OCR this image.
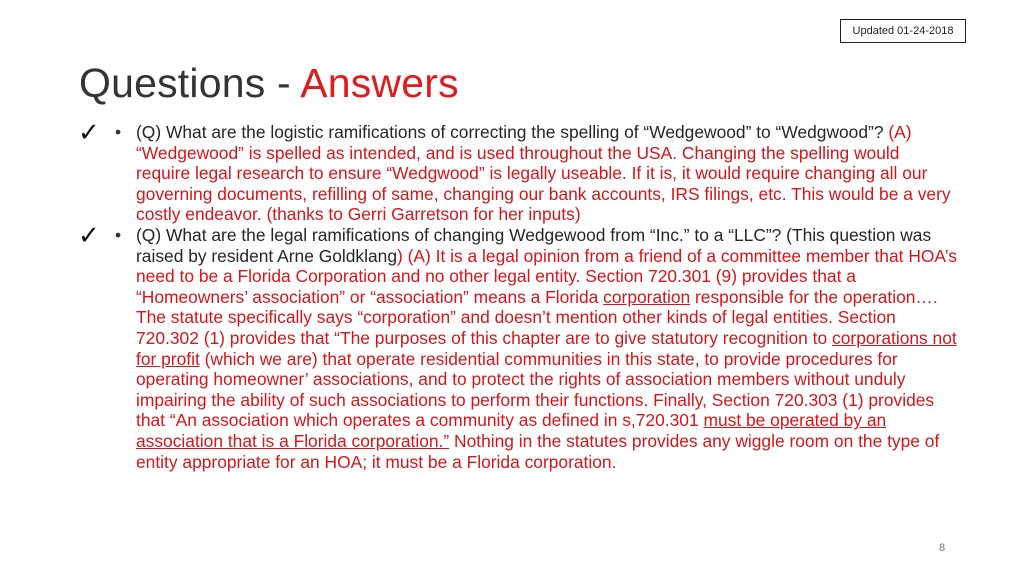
Updated 01-24-2018
Questions - Answers

✓ • (Q) What are the logistic ramifications of correcting the spelling of “Wedgewood” to “Wedgwood”? (A) “Wedgewood” is spelled as intended, and is used throughout the USA. Changing the spelling would require legal research to ensure “Wedgwood” is legally useable. If it is, it would require changing all our governing documents, refilling of same, changing our bank accounts, IRS filings, etc. This would be a very costly endeavor. (thanks to Gerri Garretson for her inputs)

✓ • (Q) What are the legal ramifications of changing Wedgewood from “Inc.” to a “LLC”? (This question was raised by resident Arne Goldklang) (A) It is a legal opinion from a friend of a committee member that HOA’s need to be a Florida Corporation and no other legal entity. Section 720.301 (9) provides that a “Homeowners’ association” or “association” means a Florida corporation responsible for the operation…. The statute specifically says “corporation” and doesn’t mention other kinds of legal entities. Section 720.302 (1) provides that “The purposes of this chapter are to give statutory recognition to corporations not for profit (which we are) that operate residential communities in this state, to provide procedures for operating homeowner’ associations, and to protect the rights of association members without unduly impairing the ability of such associations to perform their functions. Finally, Section 720.303 (1) provides that “An association which operates a community as defined in s,720.301 must be operated by an association that is a Florida corporation.” Nothing in the statutes provides any wiggle room on the type of entity appropriate for an HOA; it must be a Florida corporation.

8
